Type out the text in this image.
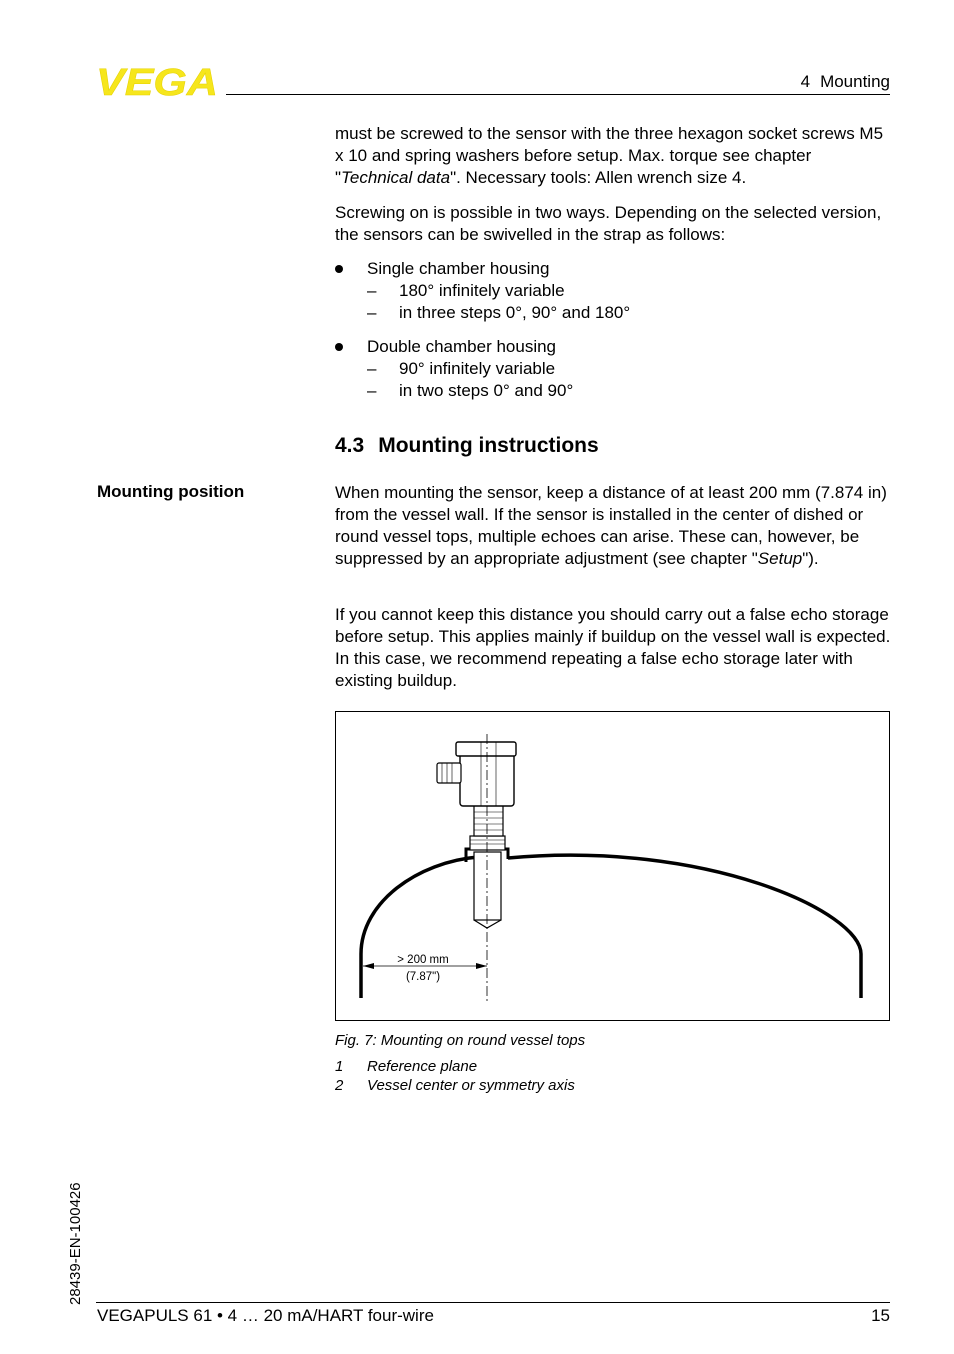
VEGA	4 Mounting
must be screwed to the sensor with the three hexagon socket screws M5 x 10 and spring washers before setup. Max. torque see chapter "Technical data". Necessary tools: Allen wrench size 4.
Screwing on is possible in two ways. Depending on the selected version, the sensors can be swivelled in the strap as follows:
Single chamber housing
– 180° infinitely variable
– in three steps 0°, 90° and 180°
Double chamber housing
– 90° infinitely variable
– in two steps 0° and 90°
4.3 Mounting instructions
Mounting position	When mounting the sensor, keep a distance of at least 200 mm (7.874 in) from the vessel wall. If the sensor is installed in the center of dished or round vessel tops, multiple echoes can arise. These can, however, be suppressed by an appropriate adjustment (see chapter "Setup").
If you cannot keep this distance you should carry out a false echo storage before setup. This applies mainly if buildup on the vessel wall is expected. In this case, we recommend repeating a false echo storage later with existing buildup.
> 200 mm
(7.87")
Fig. 7: Mounting on round vessel tops
1	Reference plane
2	Vessel center or symmetry axis
28439-EN-100426
VEGAPULS 61 • 4 … 20 mA/HART four-wire	15
